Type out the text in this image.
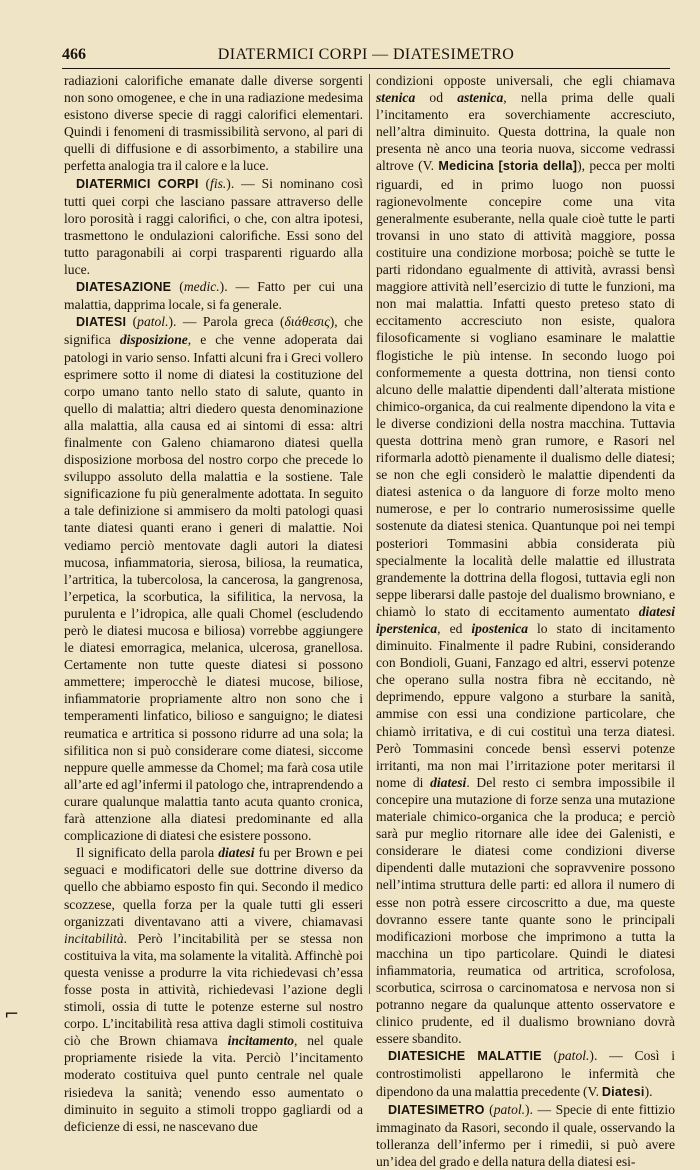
466	DIATERMICI CORPI — DIATESIMETRO

radiazioni calorifiche emanate dalle diverse sorgenti non sono omogenee, e che in una radiazione medesima esistono diverse specie di raggi calorifici elementari. Quindi i fenomeni di trasmissibilità servono, al pari di quelli di diffusione e di assorbimento, a stabilire una perfetta analogia tra il calore e la luce.

DIATERMICI CORPI (fis.). — Si nominano così tutti quei corpi che lasciano passare attraverso delle loro porosità i raggi caloriﬁci, o che, con altra ipotesi, trasmettono le ondulazioni caloriﬁche. Essi sono del tutto paragonabili ai corpi trasparenti riguardo alla luce.

DIATESAZIONE (medic.). — Fatto per cui una malattia, dapprima locale, si fa generale.

DIATESI (patol.). — Parola greca (διάθεσις), che significa disposizione, e che venne adoperata dai patologi in vario senso. Infatti alcuni fra i Greci vollero esprimere sotto il nome di diatesi la costituzione del corpo umano tanto nello stato di salute, quanto in quello di malattia; altri diedero questa denominazione alla malattia, alla causa ed ai sintomi di essa: altri finalmente con Galeno chiamarono diatesi quella disposizione morbosa del nostro corpo che precede lo sviluppo assoluto della malattia e la sostiene. Tale significazione fu più generalmente adottata. In seguito a tale definizione si ammisero da molti patologi quasi tante diatesi quanti erano i generi di malattie. Noi vediamo perciò mentovate dagli autori la diatesi mucosa, inﬁammatoria, sierosa, biliosa, la reumatica, l’artritica, la tubercolosa, la cancerosa, la gangrenosa, l’erpetica, la scorbutica, la sifilitica, la nervosa, la purulenta e l’idropica, alle quali Chomel (escludendo però le diatesi mucosa e biliosa) vorrebbe aggiungere le diatesi emorragica, melanica, ulcerosa, granellosa. Certamente non tutte queste diatesi si possono ammettere; imperocchè le diatesi mucose, biliose, inﬁammatorie propriamente altro non sono che i temperamenti linfatico, bilioso e sanguigno; le diatesi reumatica e artritica si possono ridurre ad una sola; la sifilitica non si può considerare come diatesi, siccome neppure quelle ammesse da Chomel; ma farà cosa utile all’arte ed agl’infermi il patologo che, intraprendendo a curare qualunque malattia tanto acuta quanto cronica, farà attenzione alla diatesi predominante ed alla complicazione di diatesi che esistere possono.

Il significato della parola diatesi fu per Brown e pei seguaci e modificatori delle sue dottrine diverso da quello che abbiamo esposto fin qui. Secondo il medico scozzese, quella forza per la quale tutti gli esseri organizzati diventavano atti a vivere, chiamavasi incitabilità. Però l’incitabilità per se stessa non costituiva la vita, ma solamente la vitalità. Affinchè poi questa venisse a produrre la vita richiedevasi ch’essa fosse posta in attività, richiedevasi l’azione degli stimoli, ossia di tutte le potenze esterne sul nostro corpo. L’incitabilità resa attiva dagli stimoli costituiva ciò che Brown chiamava incitamento, nel quale propriamente risiede la vita. Perciò l’incitamento moderato costituiva quel punto centrale nel quale risiedeva la sanità; venendo esso aumentato o diminuito in seguito a stimoli troppo gagliardi od a deficienze di essi, ne nascevano due

condizioni opposte universali, che egli chiamava stenica od astenica, nella prima delle quali l’incitamento era soverchiamente accresciuto, nell’altra diminuito. Questa dottrina, la quale non presenta nè anco una teoria nuova, siccome vedrassi altrove (V. Medicina [storia della]), pecca per molti riguardi, ed in primo luogo non puossi ragionevolmente concepire come una vita generalmente esuberante, nella quale cioè tutte le parti trovansi in uno stato di attività maggiore, possa costituire una condizione morbosa; poichè se tutte le parti ridondano egualmente di attività, avrassi bensì maggiore attività nell’esercizio di tutte le funzioni, ma non mai malattia. Infatti questo preteso stato di eccitamento accresciuto non esiste, qualora filosoficamente si vogliano esaminare le malattie flogistiche le più intense. In secondo luogo poi conformemente a questa dottrina, non tiensi conto alcuno delle malattie dipendenti dall’alterata mistione chimico-organica, da cui realmente dipendono la vita e le diverse condizioni della nostra macchina. Tuttavia questa dottrina menò gran rumore, e Rasori nel riformarla adottò pienamente il dualismo delle diatesi; se non che egli considerò le malattie dipendenti da diatesi astenica o da languore di forze molto meno numerose, e per lo contrario numerosissime quelle sostenute da diatesi stenica. Quantunque poi nei tempi posteriori Tommasini abbia considerata più specialmente la località delle malattie ed illustrata grandemente la dottrina della flogosi, tuttavia egli non seppe liberarsi dalle pastoje del dualismo browniano, e chiamò lo stato di eccitamento aumentato diatesi iperstenica, ed ipostenica lo stato di incitamento diminuito. Finalmente il padre Rubini, considerando con Bondioli, Guani, Fanzago ed altri, esservi potenze che operano sulla nostra fibra nè eccitando, nè deprimendo, eppure valgono a sturbare la sanità, ammise con essi una condizione particolare, che chiamò irritativa, e di cui costituì una terza diatesi. Però Tommasini concede bensì esservi potenze irritanti, ma non mai l’irritazione poter meritarsi il nome di diatesi. Del resto ci sembra impossibile il concepire una mutazione di forze senza una mutazione materiale chimico-organica che la produca; e perciò sarà pur meglio ritornare alle idee dei Galenisti, e considerare le diatesi come condizioni diverse dipendenti dalle mutazioni che sopravvenire possono nell’intima struttura delle parti: ed allora il numero di esse non potrà essere circoscritto a due, ma queste dovranno essere tante quante sono le principali modificazioni morbose che imprimono a tutta la macchina un tipo particolare. Quindi le diatesi inﬁammatoria, reumatica od artritica, scrofolosa, scorbutica, scirrosa o carcinomatosa e nervosa non si potranno negare da qualunque attento osservatore e clinico prudente, ed il dualismo browniano dovrà essere sbandito.

DIATESICHE MALATTIE (patol.). — Così i controstimolisti appellarono le infermità che dipendono da una malattia precedente (V. Diatesi).

DIATESIMETRO (patol.). — Specie di ente fittizio immaginato da Rasori, secondo il quale, osservando la tolleranza dell’infermo per i rimedii, si può avere un’idea del grado e della natura della diatesi esi-

⌐
